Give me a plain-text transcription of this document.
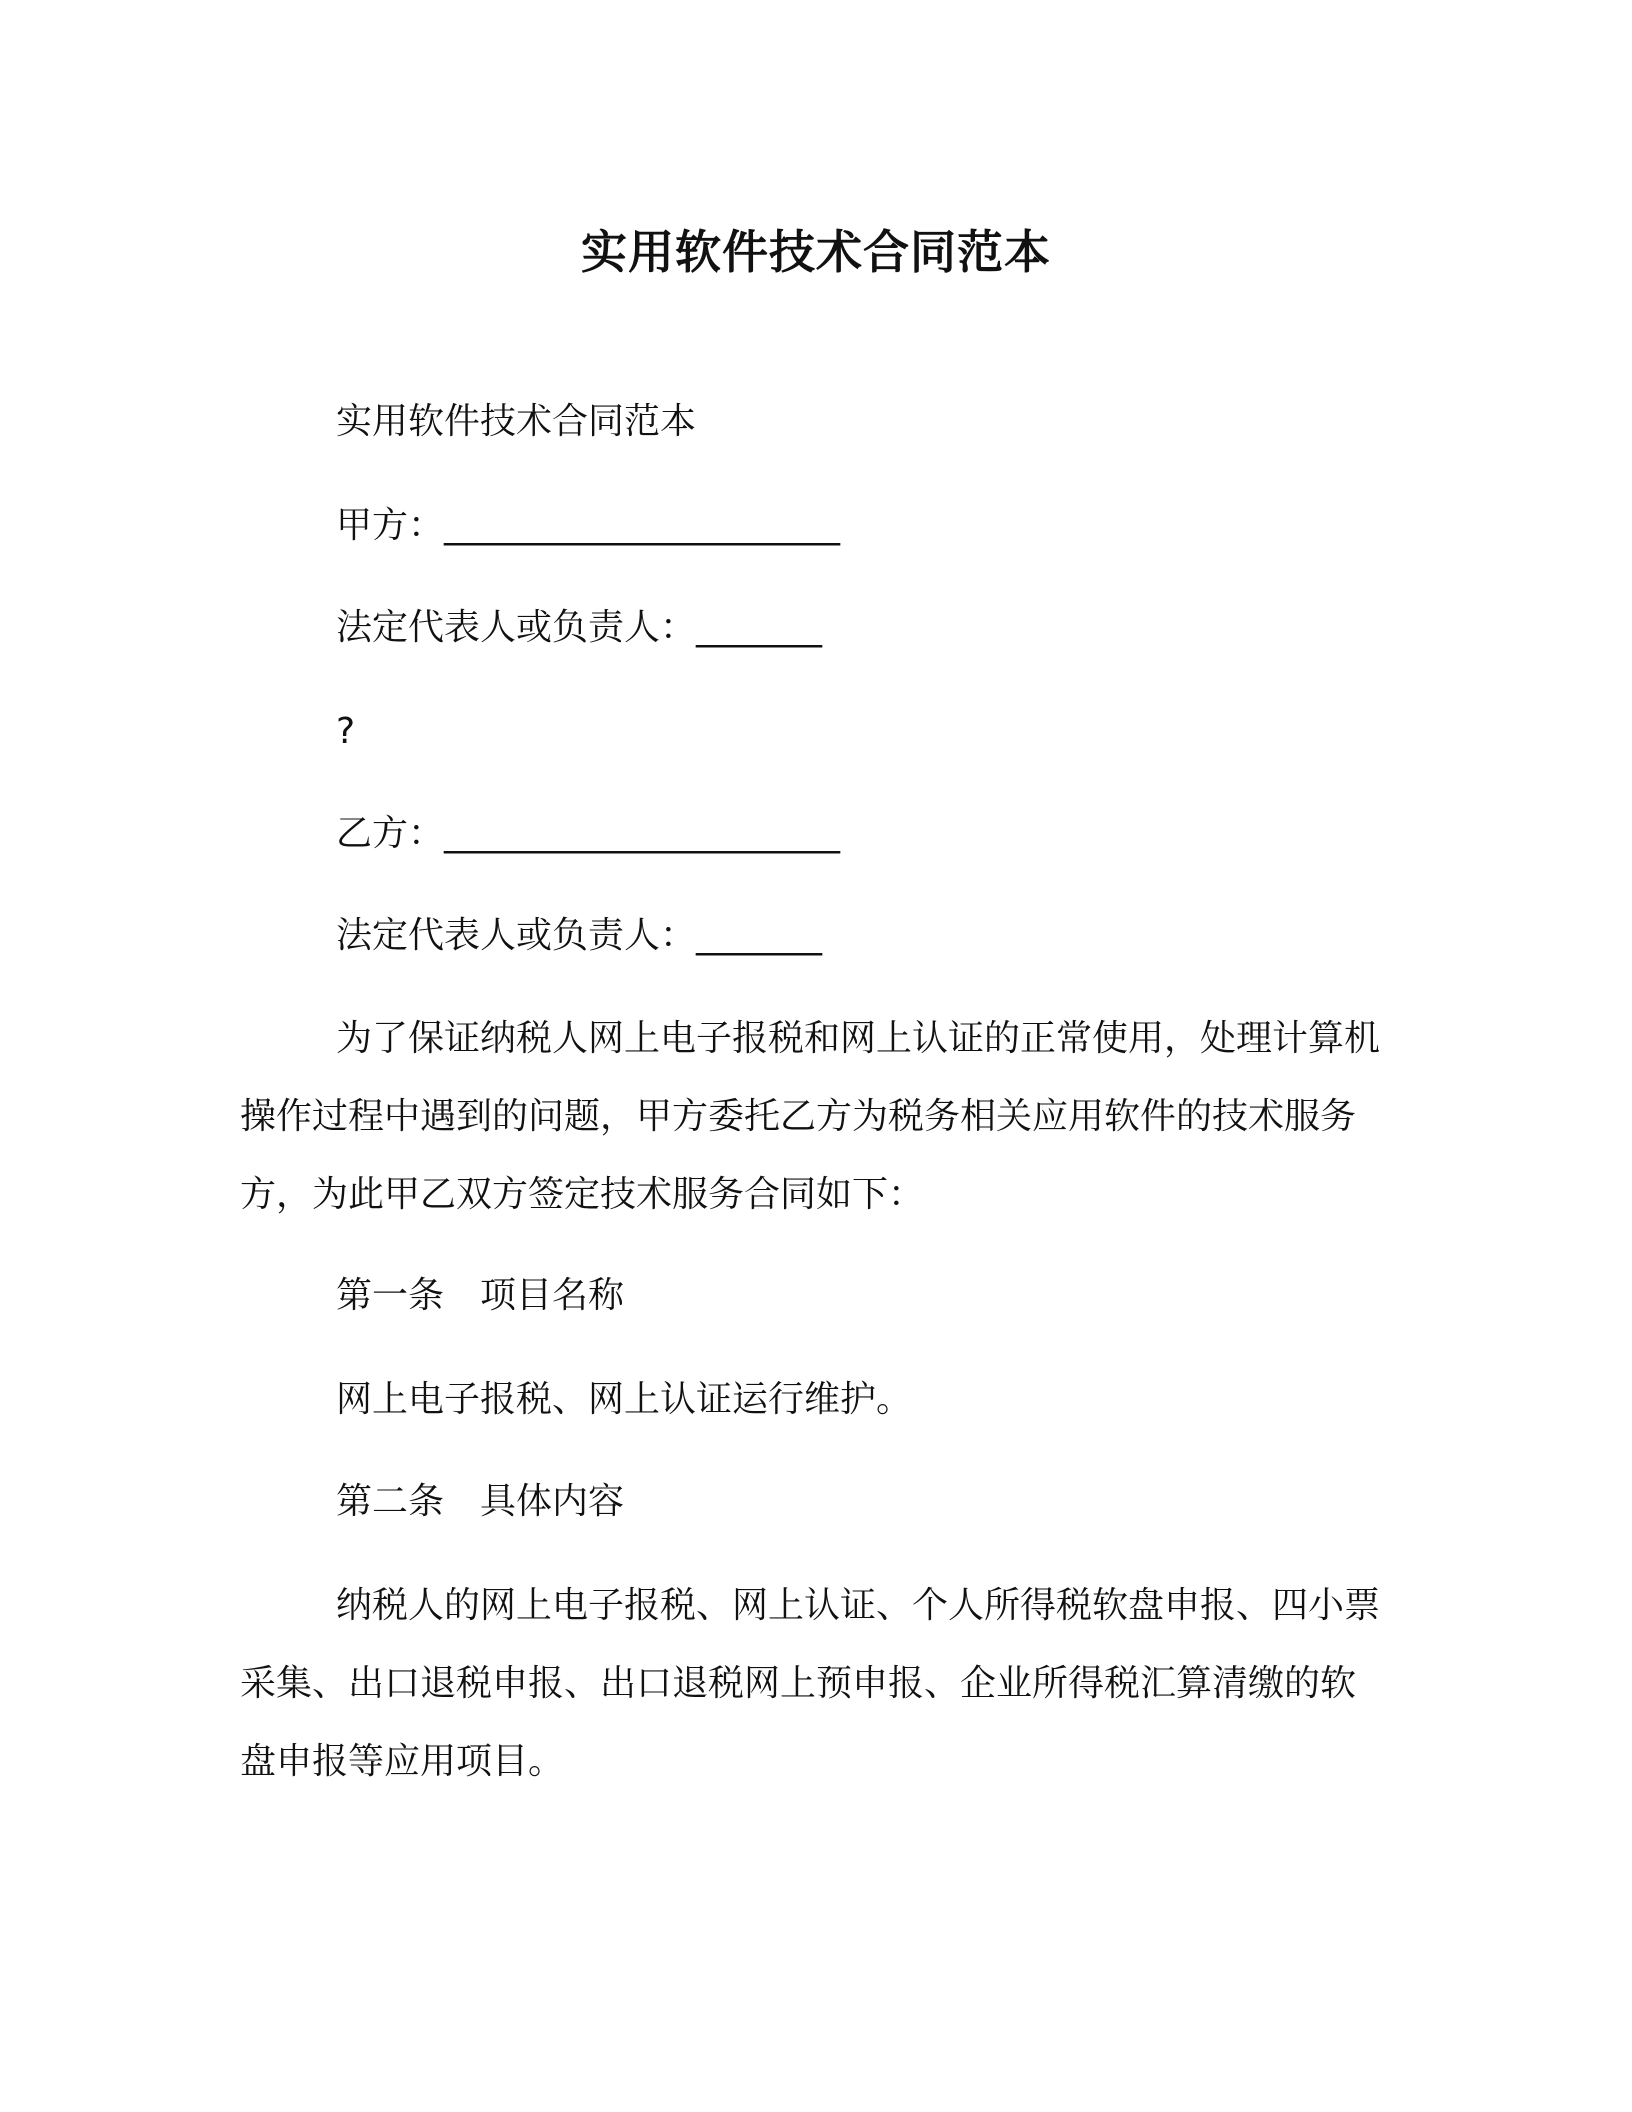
实用软件技术合同范本
实用软件技术合同范本
甲方：______________________
法定代表人或负责人：_______
?
乙方：______________________
法定代表人或负责人：_______
为了保证纳税人网上电子报税和网上认证的正常使用，处理计算机操作过程中遇到的问题，甲方委托乙方为税务相关应用软件的技术服务方，为此甲乙双方签定技术服务合同如下：
第一条　项目名称
网上电子报税、网上认证运行维护。
第二条　具体内容
纳税人的网上电子报税、网上认证、个人所得税软盘申报、四小票采集、出口退税申报、出口退税网上预申报、企业所得税汇算清缴的软盘申报等应用项目。
